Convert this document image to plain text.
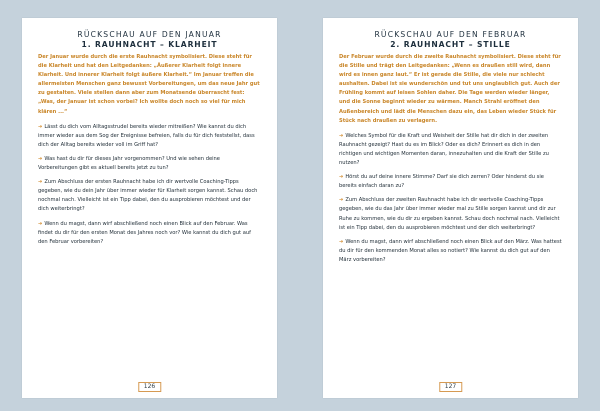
RÜCKSCHAU AUF DEN JANUAR
1. RAUHNACHT – KLARHEIT

Der Januar wurde durch die erste Rauhnacht symbolisiert. Diese steht für die Klarheit und hat den Leitgedanken: „Äußerer Klarheit folgt innere Klarheit. Und innerer Klarheit folgt äußere Klarheit.“ Im Januar treffen die allermeisten Menschen ganz bewusst Vorbereitungen, um das neue Jahr gut zu gestalten. Viele stellen dann aber zum Monatsende überrascht fest: „Was, der Januar ist schon vorbei? Ich wollte doch noch so viel für mich klären ...“

➜ Lässt du dich vom Alltagsstrudel bereits wieder mitreißen? Wie kannst du dich immer wieder aus dem Sog der Ereignisse befreien, falls du für dich feststellst, dass dich der Alltag bereits wieder voll im Griff hat?

➜ Was hast du dir für dieses Jahr vorgenommen? Und wie sehen deine Vorbereitungen gibt es aktuell bereits jetzt zu tun?

➜ Zum Abschluss der ersten Rauhnacht habe ich dir wertvolle Coaching-Tipps gegeben, wie du dein Jahr über immer wieder für Klarheit sorgen kannst. Schau doch nochmal nach. Vielleicht ist ein Tipp dabei, den du ausprobieren möchtest und der dich weiterbringt?

➜ Wenn du magst, dann wirf abschließend noch einen Blick auf den Februar. Was findet du dir für den ersten Monat des Jahres noch vor? Wie kannst du dich gut auf den Februar vorbereiten?

126
RÜCKSCHAU AUF DEN FEBRUAR
2. RAUHNACHT – STILLE

Der Februar wurde durch die zweite Rauhnacht symbolisiert. Diese steht für die Stille und trägt den Leitgedanken: „Wenn es draußen still wird, dann wird es innen ganz laut.“ Er ist gerade die Stille, die viele nur schlecht aushalten. Dabei ist sie wunderschön und tut uns unglaublich gut. Auch der Frühling kommt auf leisen Sohlen daher. Die Tage werden wieder länger, und die Sonne beginnt wieder zu wärmen. Manch Strahl eröffnet den Außenbereich und lädt die Menschen dazu ein, das Leben wieder Stück für Stück nach draußen zu verlagern.

➜ Welches Symbol für die Kraft und Weisheit der Stille hat dir dich in der zweiten Rauhnacht gezeigt? Hast du es im Blick? Oder es dich? Erinnert es dich in den richtigen und wichtigen Momenten daran, innezuhalten und die Kraft der Stille zu nutzen?

➜ Hörst du auf deine innere Stimme? Darf sie dich zerren? Oder hinderst du sie bereits einfach daran zu?

➜ Zum Abschluss der zweiten Rauhnacht habe ich dir wertvolle Coaching-Tipps gegeben, wie du das Jahr über immer wieder mal zu Stille sorgen kannst und dir zur Ruhe zu kommen, wie du dir zu ergeben kannst. Schau doch nochmal nach. Vielleicht ist ein Tipp dabei, den du ausprobieren möchtest und der dich weiterbringt?

➜ Wenn du magst, dann wirf abschließend noch einen Blick auf den März. Was hattest du dir für den kommenden Monat alles so notiert? Wie kannst du dich gut auf den März vorbereiten?

127
